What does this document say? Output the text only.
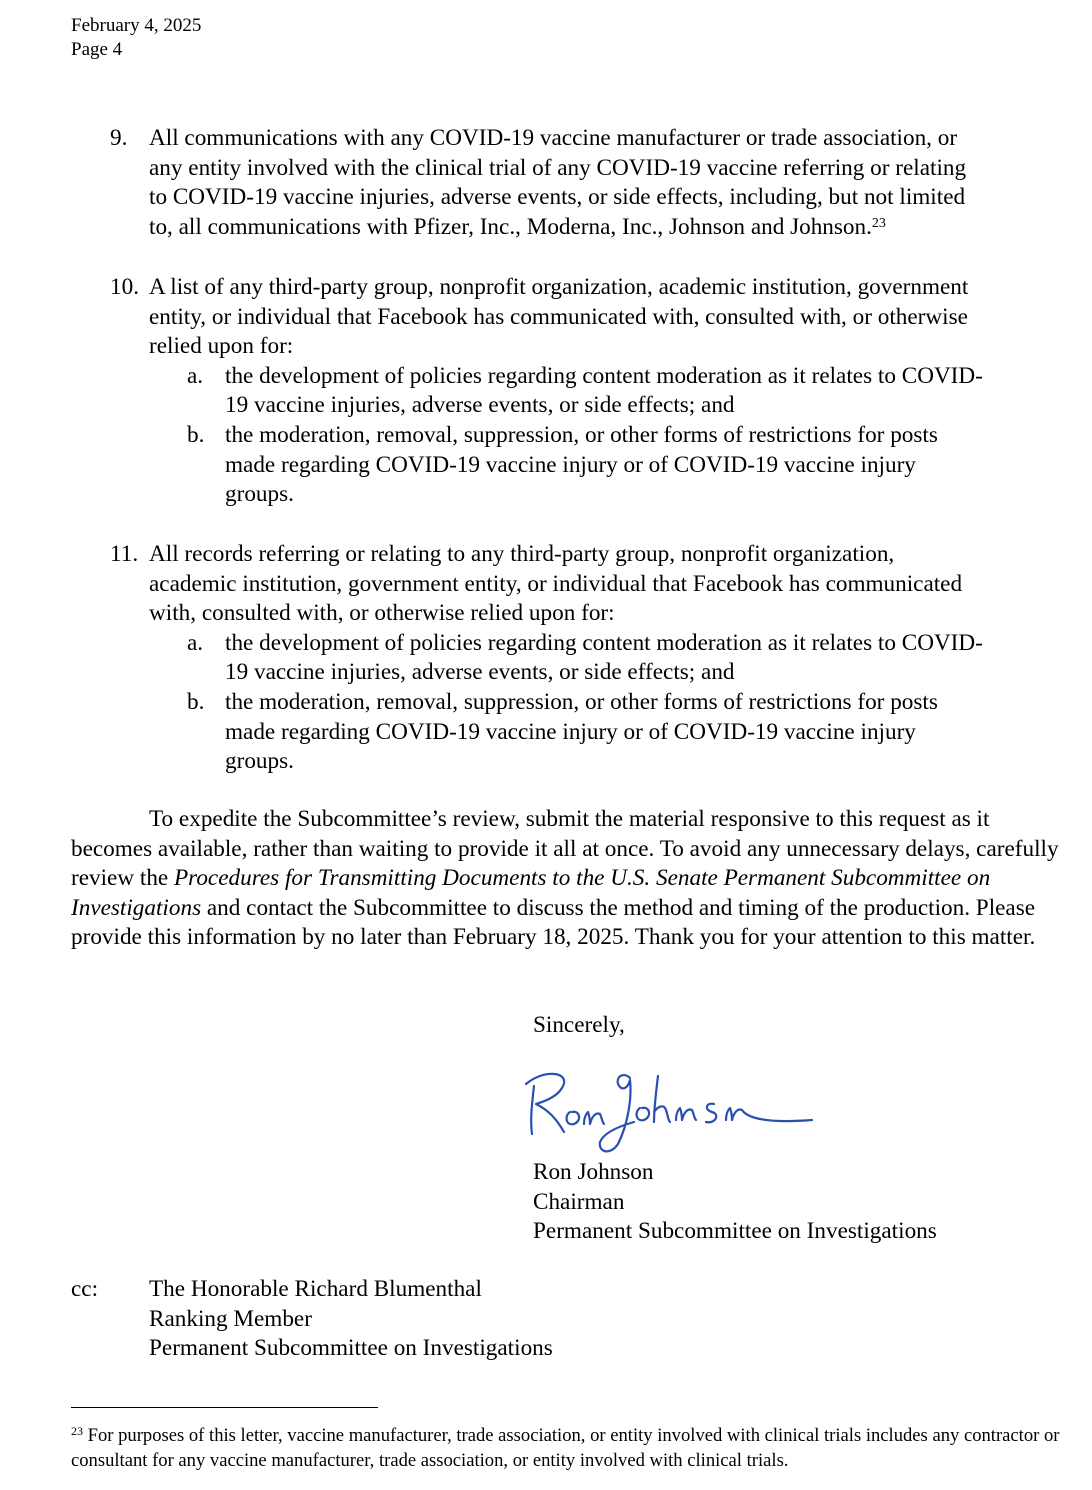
February 4, 2025
Page 4
9. All communications with any COVID-19 vaccine manufacturer or trade association, or
any entity involved with the clinical trial of any COVID-19 vaccine referring or relating
to COVID-19 vaccine injuries, adverse events, or side effects, including, but not limited
to, all communications with Pfizer, Inc., Moderna, Inc., Johnson and Johnson.$^{23}$
10. A list of any third-party group, nonprofit organization, academic institution, government
entity, or individual that Facebook has communicated with, consulted with, or otherwise
relied upon for:
a. the development of policies regarding content moderation as it relates to COVID-
19 vaccine injuries, adverse events, or side effects; and
b. the moderation, removal, suppression, or other forms of restrictions for posts
made regarding COVID-19 vaccine injury or of COVID-19 vaccine injury
groups.
11. All records referring or relating to any third-party group, nonprofit organization,
academic institution, government entity, or individual that Facebook has communicated
with, consulted with, or otherwise relied upon for:
a. the development of policies regarding content moderation as it relates to COVID-
19 vaccine injuries, adverse events, or side effects; and
b. the moderation, removal, suppression, or other forms of restrictions for posts
made regarding COVID-19 vaccine injury or of COVID-19 vaccine injury
groups.
To expedite the Subcommittee’s review, submit the material responsive to this request as it becomes available, rather than waiting to provide it all at once. To avoid any unnecessary delays, carefully review the Procedures for Transmitting Documents to the U.S. Senate Permanent Subcommittee on Investigations and contact the Subcommittee to discuss the method and timing of the production. Please provide this information by no later than February 18, 2025. Thank you for your attention to this matter.
Sincerely,
Ron Johnson
Chairman
Permanent Subcommittee on Investigations
cc: The Honorable Richard Blumenthal
Ranking Member
Permanent Subcommittee on Investigations
$^{23}$ For purposes of this letter, vaccine manufacturer, trade association, or entity involved with clinical trials includes any contractor or consultant for any vaccine manufacturer, trade association, or entity involved with clinical trials.
